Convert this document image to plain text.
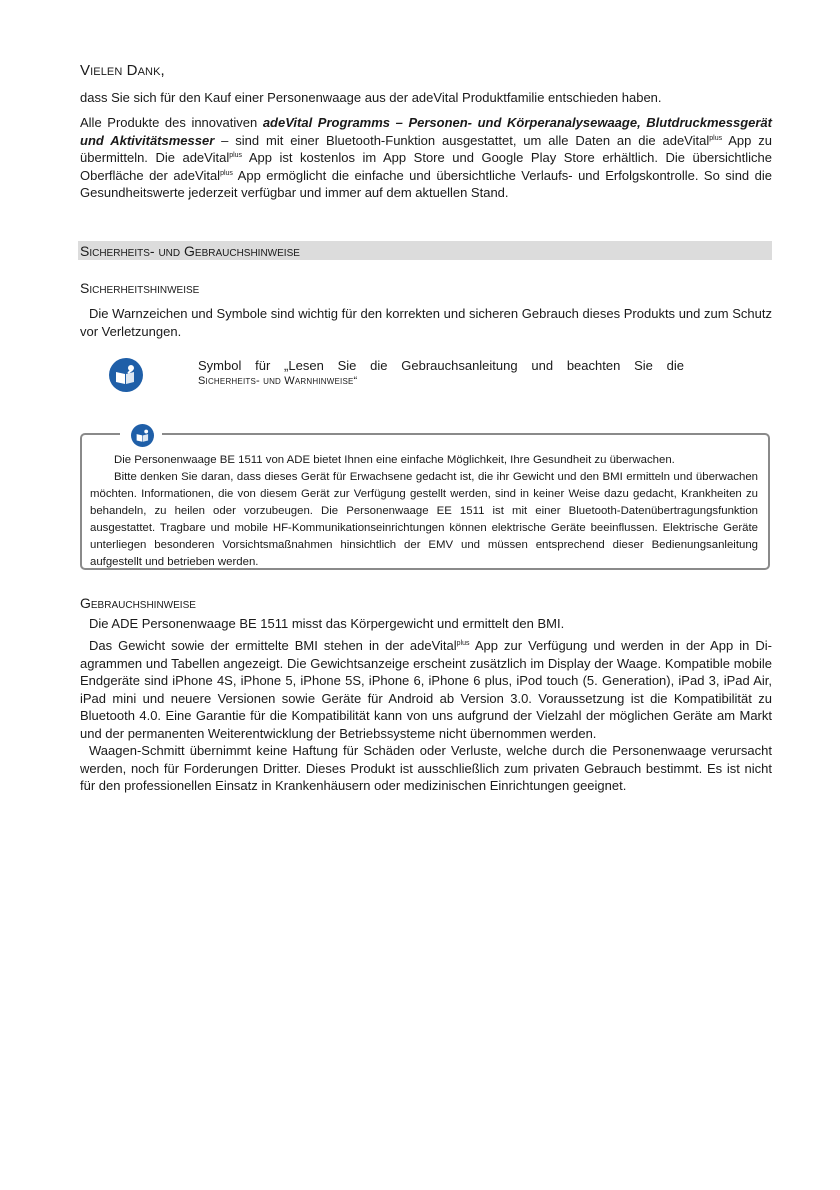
Vielen Dank,

dass Sie sich für den Kauf einer Personenwaage aus der adeVital Produktfamilie entschieden haben.

Alle Produkte des innovativen adeVital Programms – Personen- und Körperanalysewaage, Blutdruckmessgerät und Aktivitätsmesser – sind mit einer Bluetooth-Funktion ausgestattet, um alle Daten an die adeVital$^{plus}$ App zu übermitteln. Die adeVital$^{plus}$ App ist kostenlos im App Store und Google Play Store erhältlich. Die übersichtliche Oberfläche der adeVital$^{plus}$ App ermöglicht die einfache und übersichtliche Verlaufs- und Erfolgskontrolle. So sind die Gesundheitswerte jederzeit verfügbar und immer auf dem aktuellen Stand.

Sicherheits- und Gebrauchshinweise
Sicherheitshinweise

Die Warnzeichen und Symbole sind wichtig für den korrekten und sicheren Gebrauch dieses Produkts und zum Schutz vor Verletzungen.

Symbol für „Lesen Sie die Gebrauchsanleitung und beachten Sie die
Sicherheits- und Warnhinweise“

Die Personenwaage BE 1511 von ADE bietet Ihnen eine einfache Möglichkeit, Ihre Gesundheit zu überwachen.

Bitte denken Sie daran, dass dieses Gerät für Erwachsene gedacht ist, die ihr Gewicht und den BMI ermitteln und überwachen möchten. Informationen, die von diesem Gerät zur Verfügung gestellt werden, sind in keiner Weise dazu gedacht, Krankheiten zu behandeln, zu heilen oder vorzubeugen. Die Personenwaage EE 1511 ist mit einer Bluetooth-Datenübertragungsfunktion ausgestattet. Tragbare und mobile HF-Kommunikationseinrichtungen können elektrische Geräte beeinflussen. Elektrische Geräte unterliegen besonderen Vorsichtsmaßnahmen hinsichtlich der EMV und müssen entsprechend dieser Bedienungsanleitung aufgestellt und betrieben werden.

Gebrauchshinweise

Die ADE Personenwaage BE 1511 misst das Körpergewicht und ermittelt den BMI.

Das Gewicht sowie der ermittelte BMI stehen in der adeVital$^{plus}$ App zur Verfügung und werden in der App in Diagrammen und Tabellen angezeigt. Die Gewichtsanzeige erscheint zusätzlich im Display der Waage. Kompatible mobile Endgeräte sind iPhone 4S, iPhone 5, iPhone 5S, iPhone 6, iPhone 6 plus, iPod touch (5. Generation), iPad 3, iPad Air, iPad mini und neuere Versionen sowie Geräte für Android ab Version 3.0. Voraussetzung ist die Kompatibilität zu Bluetooth 4.0. Eine Garantie für die Kompatibilität kann von uns aufgrund der Vielzahl der möglichen Geräte am Markt und der permanenten Weiterentwicklung der Betriebssysteme nicht übernommen werden.

Waagen-Schmitt übernimmt keine Haftung für Schäden oder Verluste, welche durch die Personenwaage verursacht werden, noch für Forderungen Dritter. Dieses Produkt ist ausschließlich zum privaten Gebrauch bestimmt. Es ist nicht für den professionellen Einsatz in Krankenhäusern oder medizinischen Einrichtungen geeignet.
